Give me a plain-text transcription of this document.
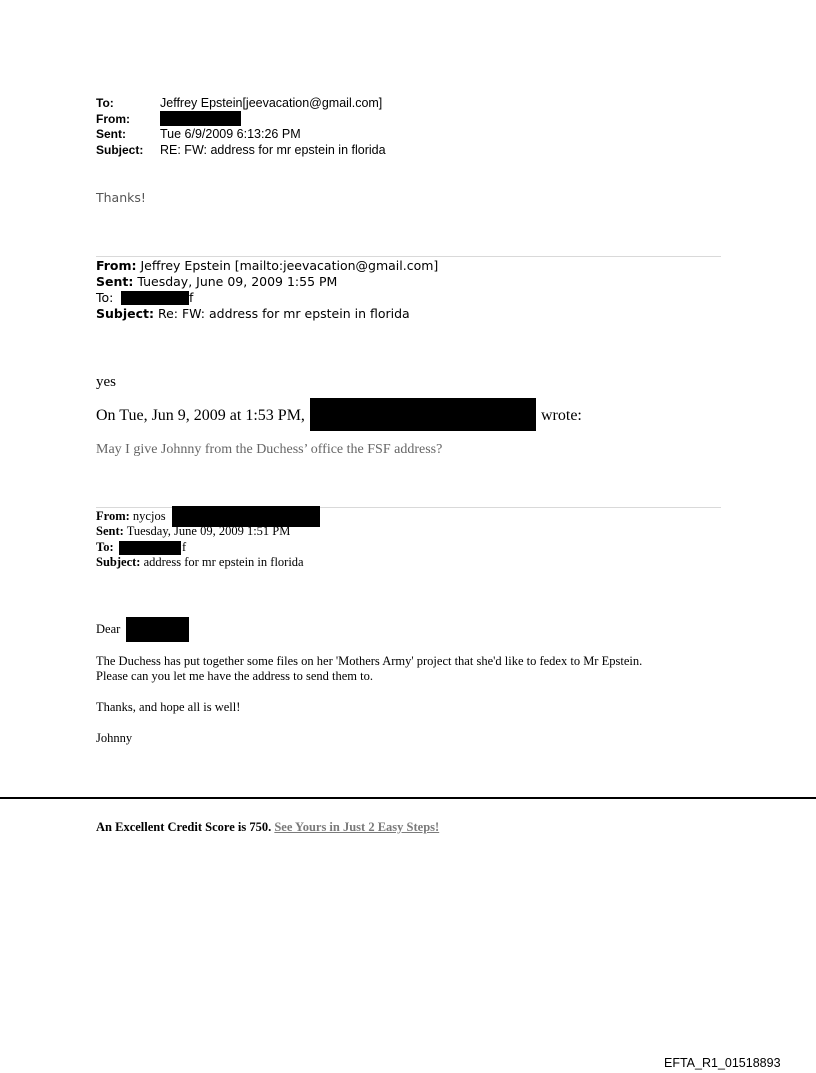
To:	Jeffrey Epstein[jeevacation@gmail.com]
From:
Sent:	Tue 6/9/2009 6:13:26 PM
Subject: RE: FW: address for mr epstein in florida
Thanks!
From: Jeffrey Epstein [mailto:jeevacation@gmail.com]
Sent: Tuesday, June 09, 2009 1:55 PM
To:	f
Subject: Re: FW: address for mr epstein in florida
yes
On Tue, Jun 9, 2009 at 1:53 PM,	wrote:
May I give Johnny from the Duchess’ office the FSF address?
From: nycjos
Sent: Tuesday, June 09, 2009 1:51 PM
To:	f
Subject: address for mr epstein in florida
Dear
The Duchess has put together some files on her 'Mothers Army' project that she'd like to fedex to Mr Epstein.
Please can you let me have the address to send them to.
Thanks, and hope all is well!
Johnny
An Excellent Credit Score is 750. See Yours in Just 2 Easy Steps!
EFTA_R1_01518893
